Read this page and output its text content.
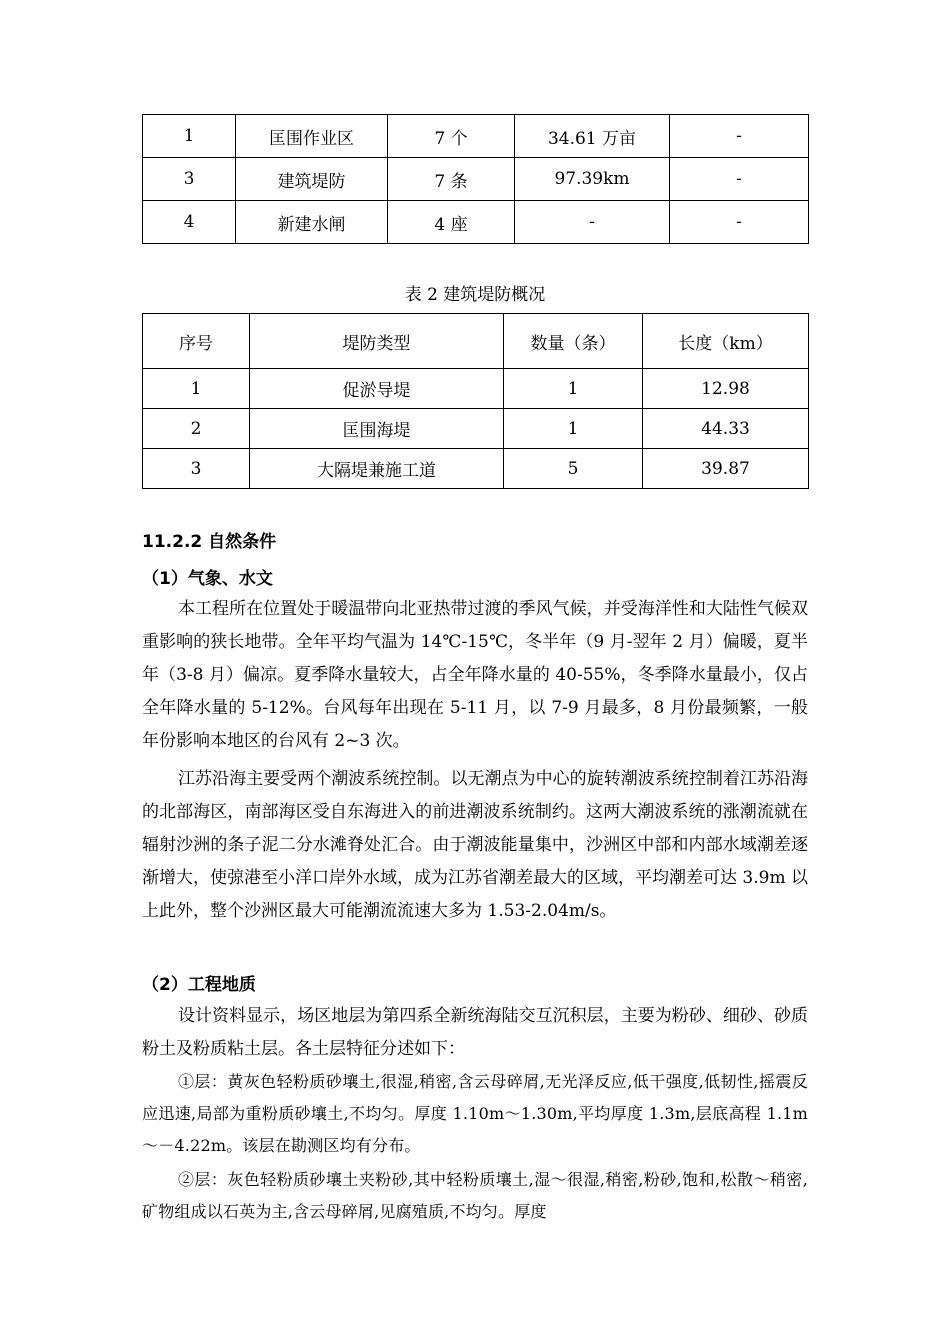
1	匡围作业区	7 个	34.61 万亩	-
3	建筑堤防	7 条	97.39km	-
4	新建水闸	4 座	-	-
表 2 建筑堤防概况
序号	堤防类型	数量（条）	长度（km）
1	促淤导堤	1	12.98
2	匡围海堤	1	44.33
3	大隔堤兼施工道	5	39.87
11.2.2 自然条件
（1）气象、水文

本工程所在位置处于暖温带向北亚热带过渡的季风气候，并受海洋性和大陆性气候双重影响的狭长地带。全年平均气温为 14℃-15℃，冬半年（9 月-翌年 2 月）偏暖，夏半年（3-8 月）偏凉。夏季降水量较大，占全年降水量的 40-55%，冬季降水量最小，仅占全年降水量的 5-12%。台风每年出现在 5-11 月，以 7-9 月最多，8 月份最频繁，一般年份影响本地区的台风有 2~3 次。

江苏沿海主要受两个潮波系统控制。以无潮点为中心的旋转潮波系统控制着江苏沿海的北部海区，南部海区受自东海进入的前进潮波系统制约。这两大潮波系统的涨潮流就在辐射沙洲的条子泥二分水滩脊处汇合。由于潮波能量集中，沙洲区中部和内部水域潮差逐渐增大，使弶港至小洋口岸外水域，成为江苏省潮差最大的区域，平均潮差可达 3.9m 以上此外，整个沙洲区最大可能潮流流速大多为 1.53-2.04m/s。

（2）工程地质

设计资料显示，场区地层为第四系全新统海陆交互沉积层，主要为粉砂、细砂、砂质粉土及粉质粘土层。各土层特征分述如下：

①层：黄灰色轻粉质砂壤土,很湿,稍密,含云母碎屑,无光泽反应,低干强度,低韧性,摇震反应迅速,局部为重粉质砂壤土,不均匀。厚度 1.10m～1.30m,平均厚度 1.3m,层底高程 1.1m～－4.22m。该层在勘测区均有分布。

②层：灰色轻粉质砂壤土夹粉砂,其中轻粉质壤土,湿～很湿,稍密,粉砂,饱和,松散～稍密,矿物组成以石英为主,含云母碎屑,见腐殖质,不均匀。厚度
